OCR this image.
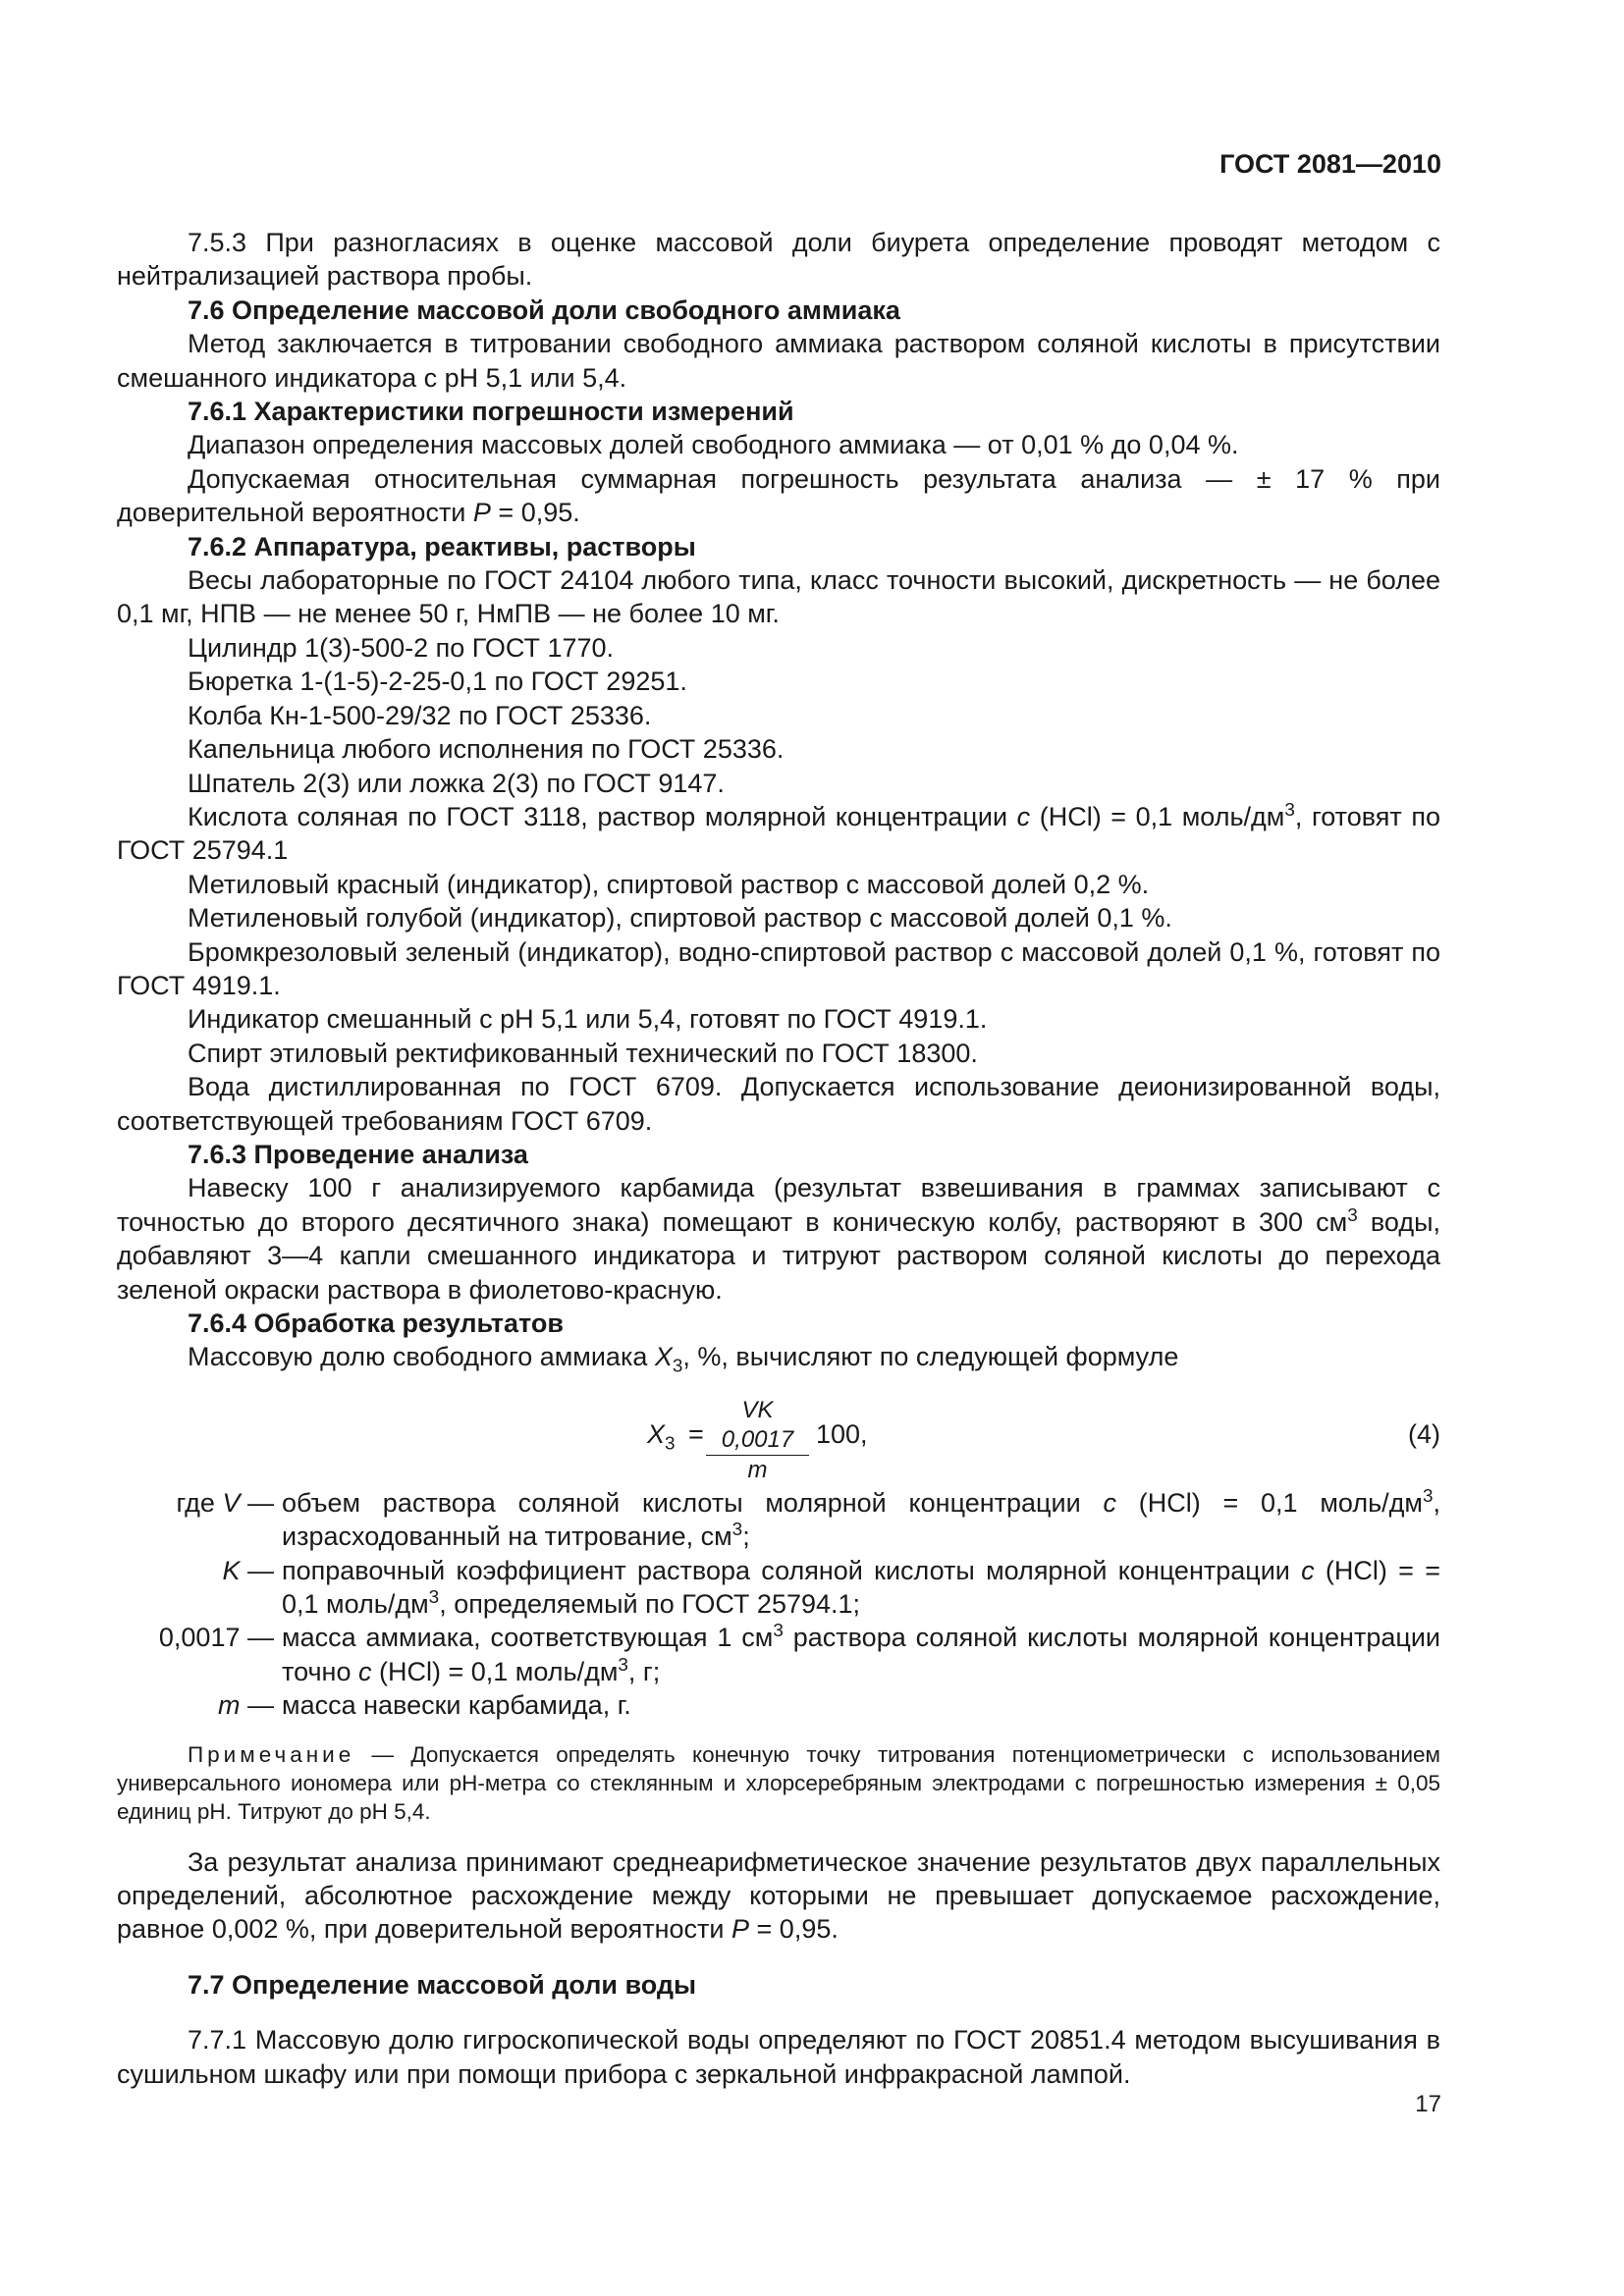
ГОСТ 2081—2010

7.5.3 При разногласиях в оценке массовой доли биурета определение проводят методом с нейтрализацией раствора пробы.

7.6 Определение массовой доли свободного аммиака

Метод заключается в титровании свободного аммиака раствором соляной кислоты в присутствии смешанного индикатора с рН 5,1 или 5,4.

7.6.1 Характеристики погрешности измерений

Диапазон определения массовых долей свободного аммиака — от 0,01 % до 0,04 %.

Допускаемая относительная суммарная погрешность результата анализа — ± 17 % при доверительной вероятности P = 0,95.

7.6.2 Аппаратура, реактивы, растворы

Весы лабораторные по ГОСТ 24104 любого типа, класс точности высокий, дискретность — не более 0,1 мг, НПВ — не менее 50 г, НмПВ — не более 10 мг.

Цилиндр 1(3)-500-2 по ГОСТ 1770.

Бюретка 1-(1-5)-2-25-0,1 по ГОСТ 29251.

Колба Кн-1-500-29/32 по ГОСТ 25336.

Капельница любого исполнения по ГОСТ 25336.

Шпатель 2(3) или ложка 2(3) по ГОСТ 9147.

Кислота соляная по ГОСТ 3118, раствор молярной концентрации c (HCl) = 0,1 моль/$дм^3$, готовят по ГОСТ 25794.1

Метиловый красный (индикатор), спиртовой раствор с массовой долей 0,2 %.

Метиленовый голубой (индикатор), спиртовой раствор с массовой долей 0,1 %.

Бромкрезоловый зеленый (индикатор), водно-спиртовой раствор с массовой долей 0,1 %, готовят по ГОСТ 4919.1.

Индикатор смешанный с рН 5,1 или 5,4, готовят по ГОСТ 4919.1.

Спирт этиловый ректификованный технический по ГОСТ 18300.

Вода дистиллированная по ГОСТ 6709. Допускается использование деионизированной воды, соответствующей требованиям ГОСТ 6709.

7.6.3 Проведение анализа

Навеску 100 г анализируемого карбамида (результат взвешивания в граммах записывают с точностью до второго десятичного знака) помещают в коническую колбу, растворяют в 300 $см^3$ воды, добавляют 3—4 капли смешанного индикатора и титруют раствором соляной кислоты до перехода зеленой окраски раствора в фиолетово-красную.

7.6.4 Обработка результатов

Массовую долю свободного аммиака $X_3$, %, вычисляют по следующей формуле

$X_3 = \frac{VK 0,0017}{m} 100$,	(4)
где V — объем раствора соляной кислоты молярной концентрации c (HCl) = 0,1 моль/$дм^3$, израсходованный на титрование, $см^3$;
K — поправочный коэффициент раствора соляной кислоты молярной концентрации c (HCl) = = 0,1 моль/$дм^3$, определяемый по ГОСТ 25794.1;
0,0017 — масса аммиака, соответствующая 1 $см^3$ раствора соляной кислоты молярной концентрации точно c (HCl) = 0,1 моль/$дм^3$, г;
m — масса навески карбамида, г.

Примечание — Допускается определять конечную точку титрования потенциометрически с использованием универсального иономера или рН-метра со стеклянным и хлорсеребряным электродами с погрешностью измерения ± 0,05 единиц рН. Титруют до рН 5,4.

За результат анализа принимают среднеарифметическое значение результатов двух параллельных определений, абсолютное расхождение между которыми не превышает допускаемое расхождение, равное 0,002 %, при доверительной вероятности P = 0,95.

7.7 Определение массовой доли воды

7.7.1 Массовую долю гигроскопической воды определяют по ГОСТ 20851.4 методом высушивания в сушильном шкафу или при помощи прибора с зеркальной инфракрасной лампой.

17
